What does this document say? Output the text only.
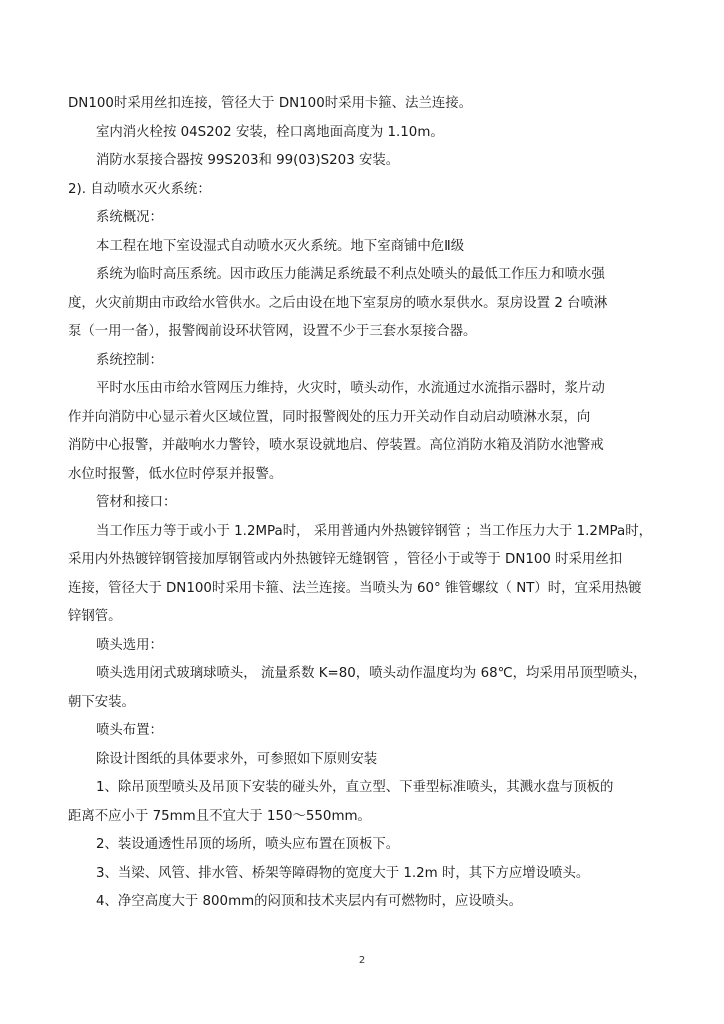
DN100时采用丝扣连接，管径大于 DN100时采用卡箍、法兰连接。
室内消火栓按 04S202 安装，栓口离地面高度为 1.10m。
消防水泵接合器按 99S203和 99(03)S203 安装。
2). 自动喷水灭火系统：
系统概况：
本工程在地下室设湿式自动喷水灭火系统。地下室商铺中危Ⅱ级
系统为临时高压系统。因市政压力能满足系统最不利点处喷头的最低工作压力和喷水强
度，火灾前期由市政给水管供水。之后由设在地下室泵房的喷水泵供水。泵房设置 2 台喷淋
泵（一用一备），报警阀前设环状管网，设置不少于三套水泵接合器。
系统控制：
平时水压由市给水管网压力维持，火灾时，喷头动作，水流通过水流指示器时，浆片动
作并向消防中心显示着火区域位置，同时报警阀处的压力开关动作自动启动喷淋水泵，向
消防中心报警，并敲响水力警铃，喷水泵设就地启、停装置。高位消防水箱及消防水池警戒
水位时报警，低水位时停泵并报警。
管材和接口：
当工作压力等于或小于 1.2MPa时， 采用普通内外热镀锌钢管 ；当工作压力大于 1.2MPa时，
采用内外热镀锌钢管接加厚钢管或内外热镀锌无缝钢管 ，管径小于或等于 DN100 时采用丝扣
连接，管径大于 DN100时采用卡箍、法兰连接。当喷头为 60° 锥管螺纹（ NT）时，宜采用热镀
锌钢管。
喷头选用：
喷头选用闭式玻璃球喷头， 流量系数 K=80，喷头动作温度均为 68℃，均采用吊顶型喷头，
朝下安装。
喷头布置：
除设计图纸的具体要求外，可参照如下原则安装
1、除吊顶型喷头及吊顶下安装的碰头外，直立型、下垂型标准喷头，其溅水盘与顶板的
距离不应小于 75mm且不宜大于 150～550mm。
2、装设通透性吊顶的场所，喷头应布置在顶板下。
3、当梁、风管、排水管、桥架等障碍物的宽度大于 1.2m 时，其下方应增设喷头。
4、净空高度大于 800mm的闷顶和技术夹层内有可燃物时，应设喷头。
2
